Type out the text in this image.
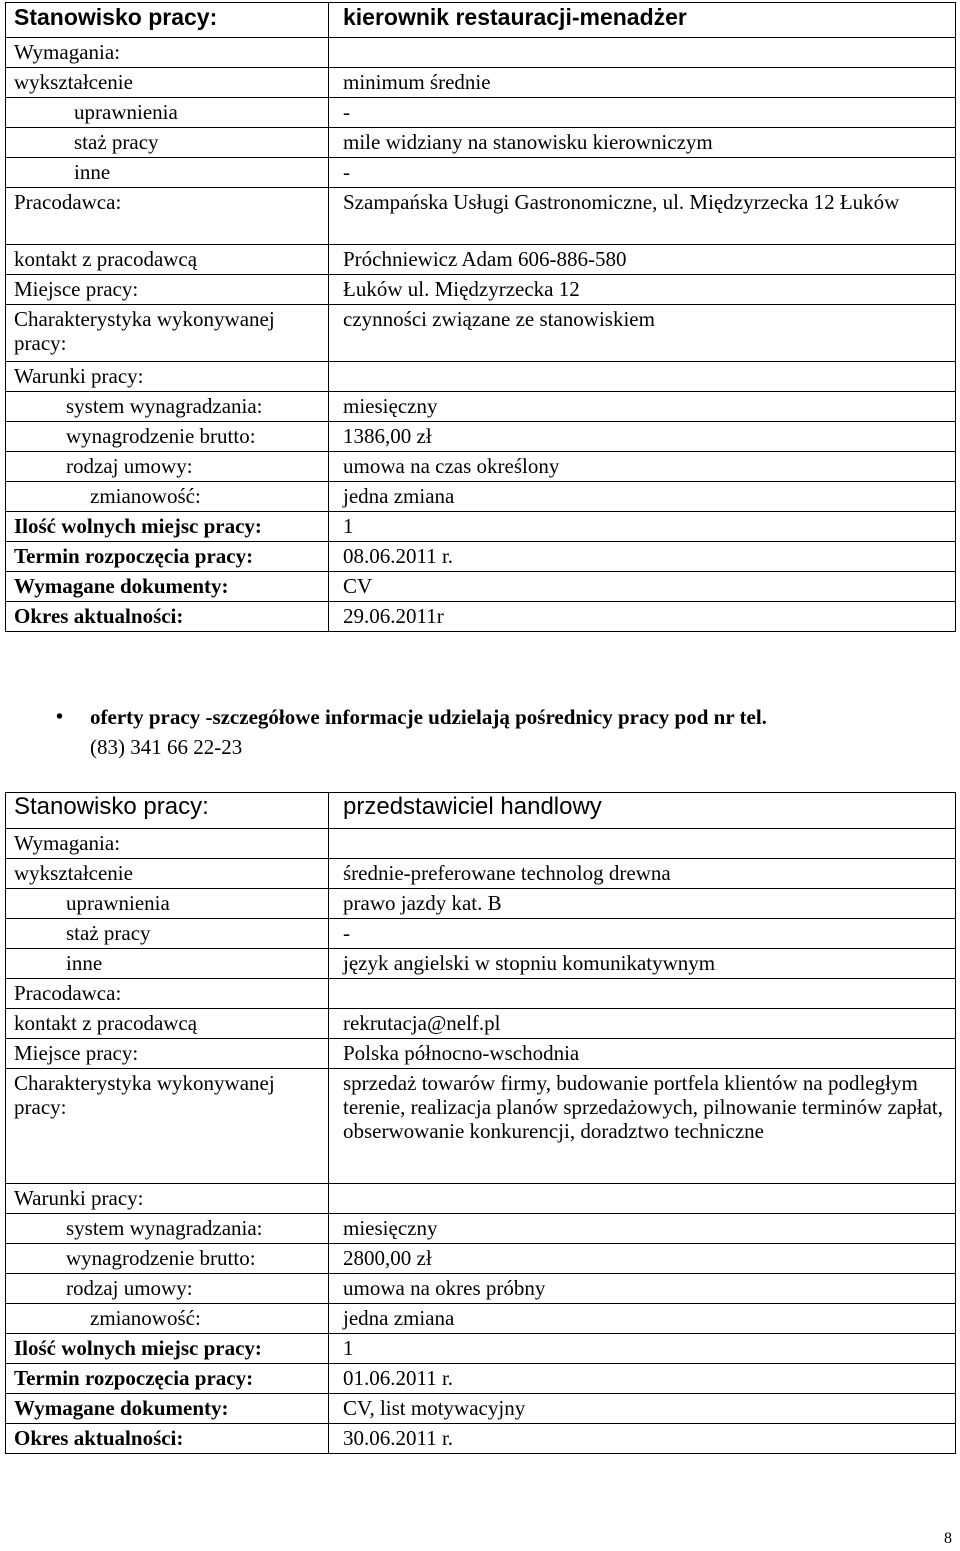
Stanowisko pracy:	kierownik restauracji-menadżer
Wymagania:	
wykształcenie	minimum średnie
uprawnienia	-
staż pracy	mile widziany na stanowisku kierowniczym
inne	-
Pracodawca:	Szampańska Usługi Gastronomiczne, ul. Międzyrzecka 12 Łuków
kontakt z pracodawcą	Próchniewicz Adam 606-886-580
Miejsce pracy:	Łuków ul. Międzyrzecka 12
Charakterystyka wykonywanej pracy:	czynności związane ze stanowiskiem
Warunki pracy:	
system wynagradzania:	miesięczny
wynagrodzenie brutto:	1386,00 zł
rodzaj umowy:	umowa na czas określony
zmianowość:	jedna zmiana
Ilość wolnych miejsc pracy:	1
Termin rozpoczęcia pracy:	08.06.2011 r.
Wymagane dokumenty:	CV
Okres aktualności:	29.06.2011r
• oferty pracy -szczegółowe informacje udzielają pośrednicy pracy pod nr tel.
(83) 341 66 22-23
Stanowisko pracy:	przedstawiciel handlowy
Wymagania:	
wykształcenie	średnie-preferowane technolog drewna
uprawnienia	prawo jazdy kat. B
staż pracy	-
inne	język angielski w stopniu komunikatywnym
Pracodawca:	
kontakt z pracodawcą	rekrutacja@nelf.pl
Miejsce pracy:	Polska północno-wschodnia
Charakterystyka wykonywanej pracy:	sprzedaż towarów firmy, budowanie portfela klientów na podległym terenie, realizacja planów sprzedażowych, pilnowanie terminów zapłat, obserwowanie konkurencji, doradztwo techniczne
Warunki pracy:	
system wynagradzania:	miesięczny
wynagrodzenie brutto:	2800,00 zł
rodzaj umowy:	umowa na okres próbny
zmianowość:	jedna zmiana
Ilość wolnych miejsc pracy:	1
Termin rozpoczęcia pracy:	01.06.2011 r.
Wymagane dokumenty:	CV, list motywacyjny
Okres aktualności:	30.06.2011 r.
8
